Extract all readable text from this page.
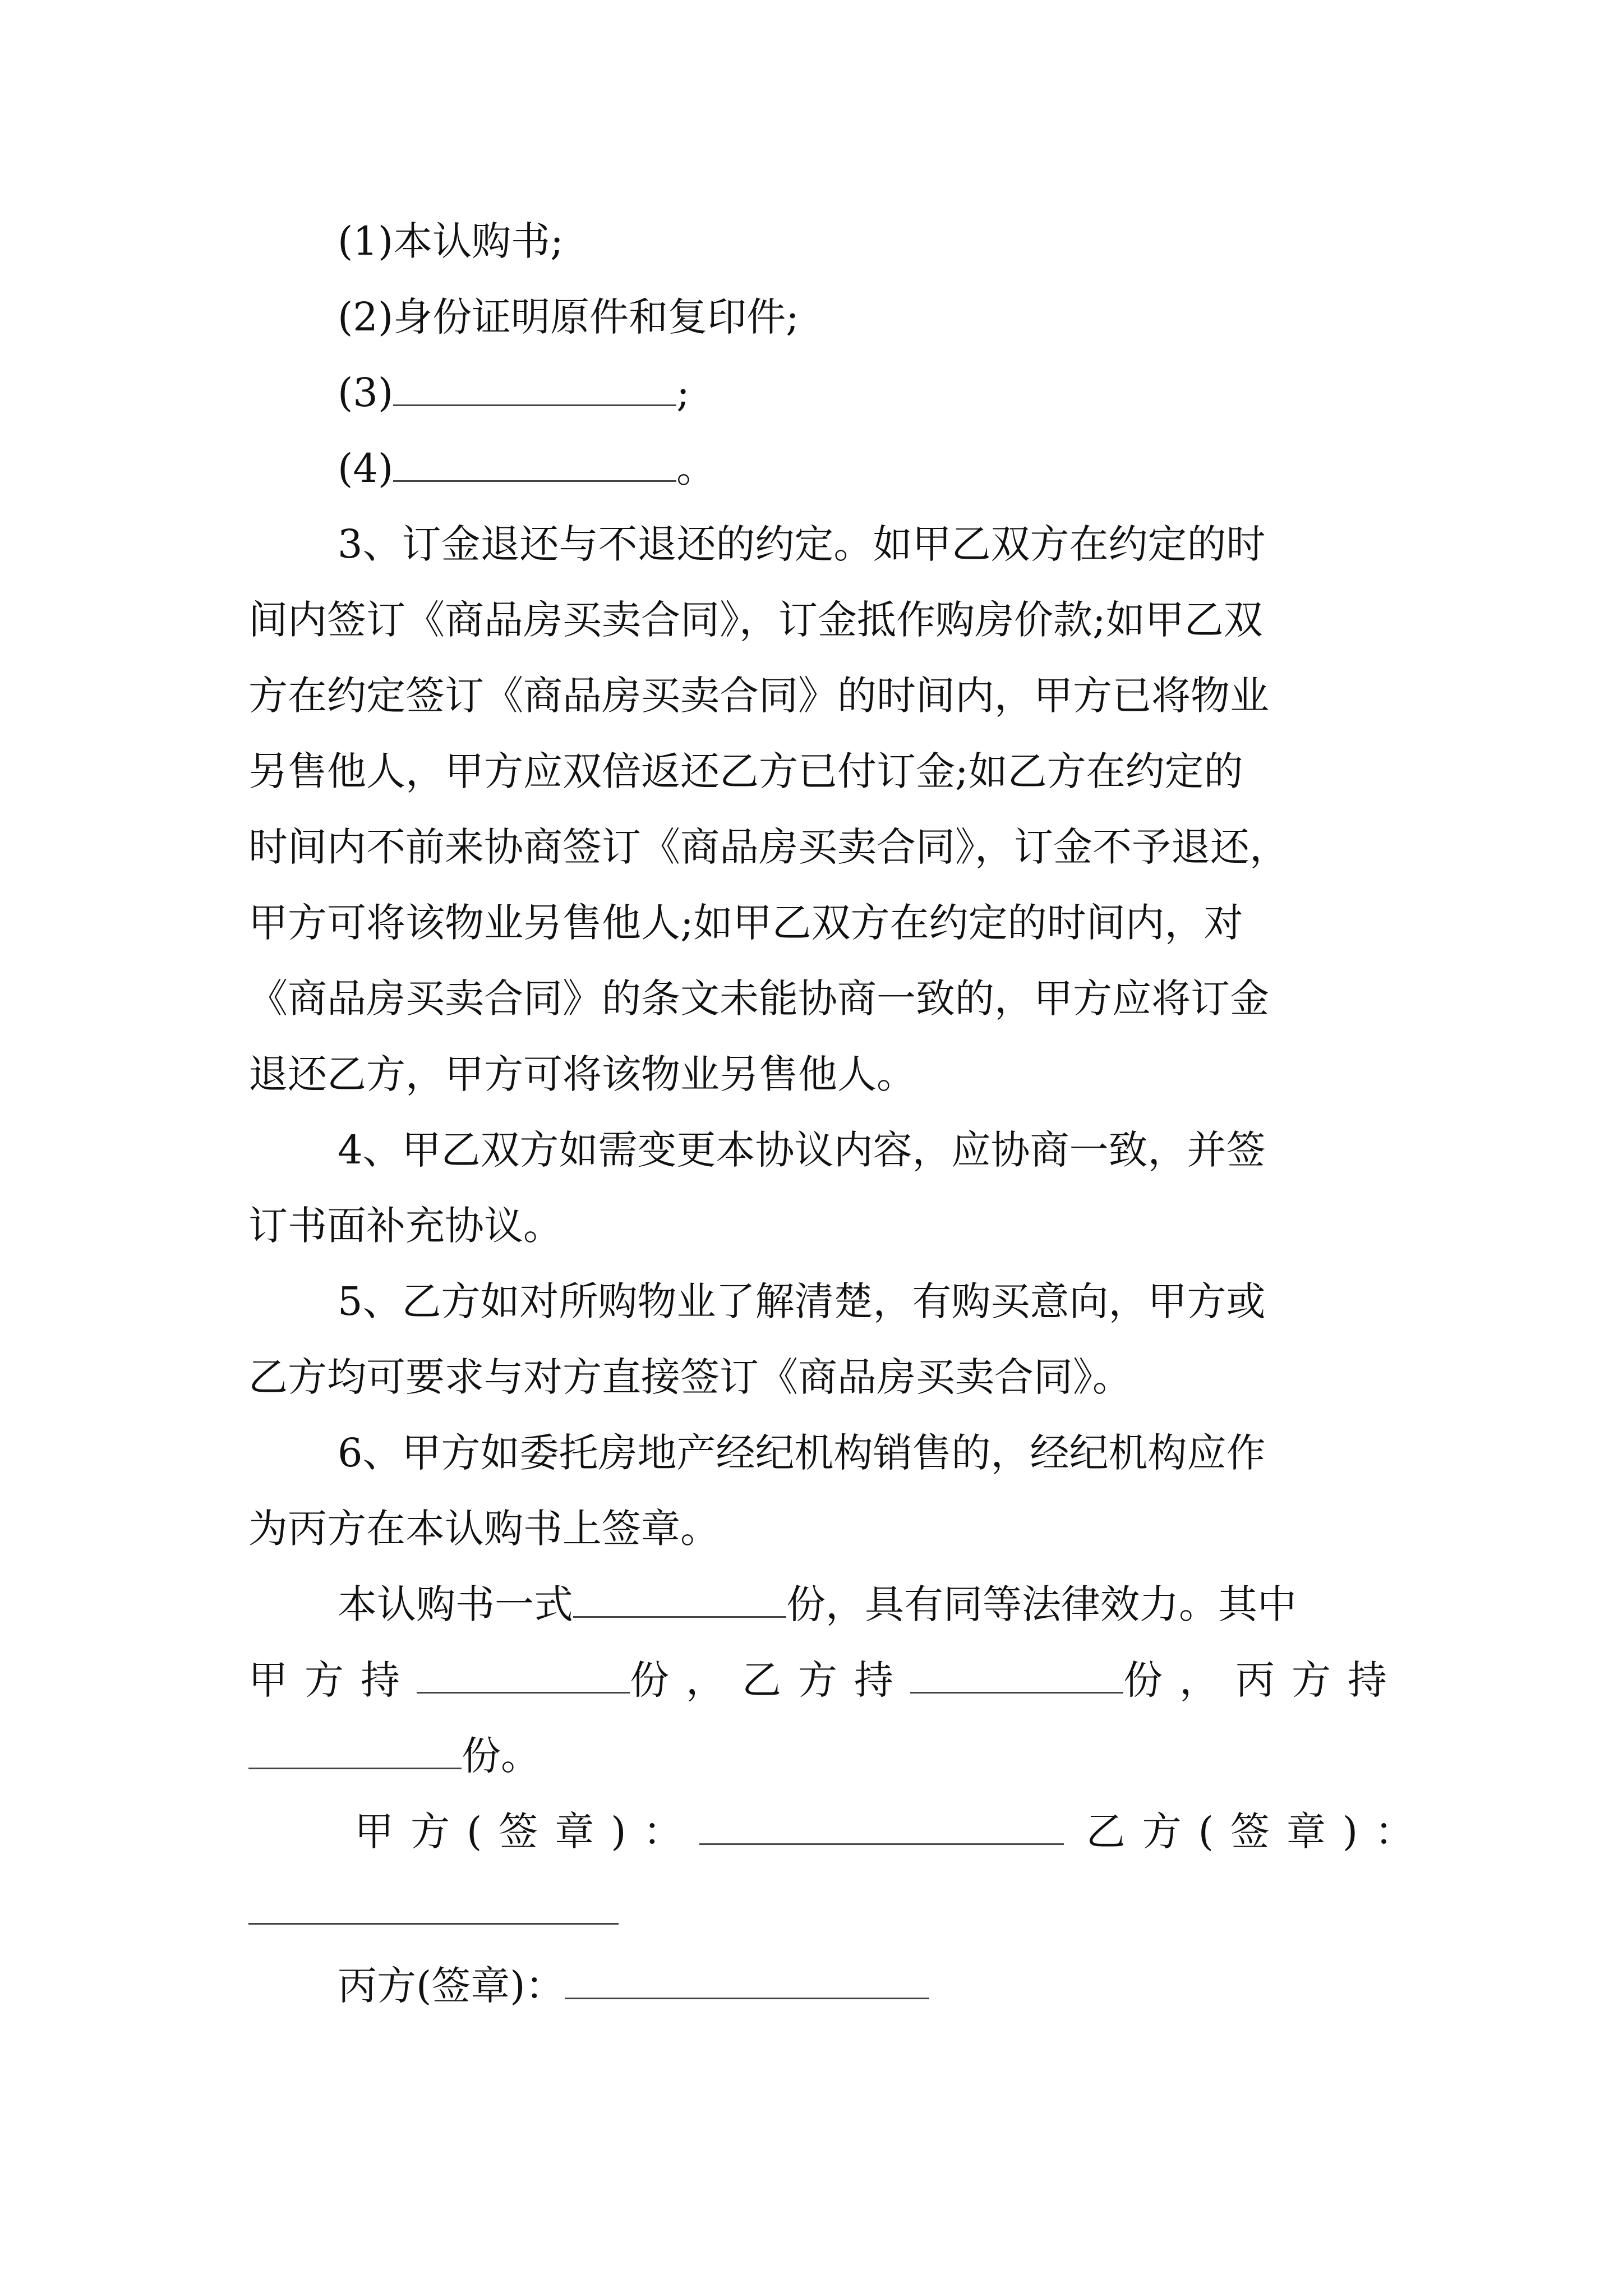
(1)本认购书;
(2)身份证明原件和复印件;
(3)	;
(4)	。
3、订金退还与不退还的约定。如甲乙双方在约定的时
间内签订《商品房买卖合同》，订金抵作购房价款;如甲乙双
方在约定签订《商品房买卖合同》的时间内，甲方已将物业
另售他人，甲方应双倍返还乙方已付订金;如乙方在约定的
时间内不前来协商签订《商品房买卖合同》，订金不予退还，
甲方可将该物业另售他人;如甲乙双方在约定的时间内，对
《商品房买卖合同》的条文未能协商一致的，甲方应将订金
退还乙方，甲方可将该物业另售他人。
4、甲乙双方如需变更本协议内容，应协商一致，并签
订书面补充协议。
5、乙方如对所购物业了解清楚，有购买意向，甲方或
乙方均可要求与对方直接签订《商品房买卖合同》。
6、甲方如委托房地产经纪机构销售的，经纪机构应作
为丙方在本认购书上签章。
本认购书一式	份，具有同等法律效力。其中
甲方持	份，乙方持	份，丙方持
份。
甲方(签章)：	乙方(签章)：
丙方(签章)：
